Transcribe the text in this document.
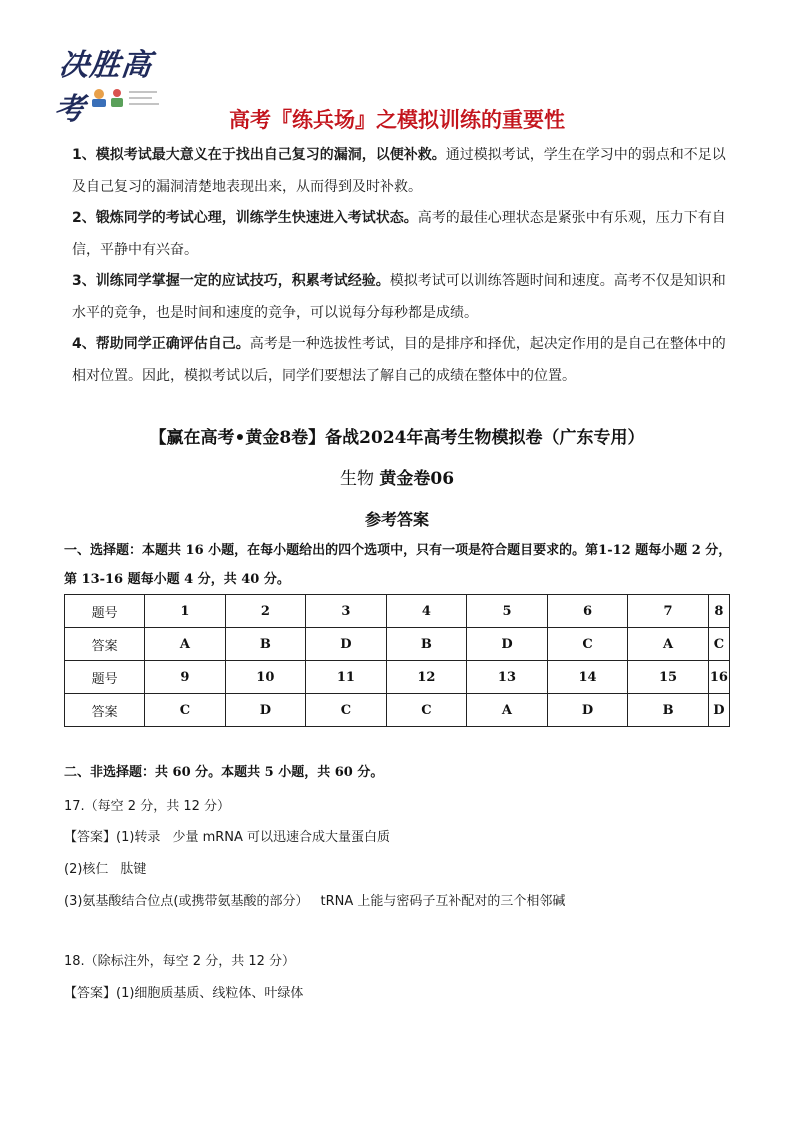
决胜高考	高考『练兵场』之模拟训练的重要性
1、模拟考试最大意义在于找出自己复习的漏洞，以便补救。通过模拟考试，学生在学习中的弱点和不足以及自己复习的漏洞清楚地表现出来，从而得到及时补救。
2、锻炼同学的考试心理，训练学生快速进入考试状态。高考的最佳心理状态是紧张中有乐观，压力下有自信，平静中有兴奋。
3、训练同学掌握一定的应试技巧，积累考试经验。模拟考试可以训练答题时间和速度。高考不仅是知识和水平的竞争，也是时间和速度的竞争，可以说每分每秒都是成绩。
4、帮助同学正确评估自己。高考是一种选拔性考试，目的是排序和择优，起决定作用的是自己在整体中的相对位置。因此，模拟考试以后，同学们要想法了解自己的成绩在整体中的位置。
【赢在高考•黄金8卷】备战2024年高考生物模拟卷（广东专用）
生物 黄金卷06
参考答案
一、选择题：本题共 16 小题，在每小题给出的四个选项中，只有一项是符合题目要求的。第1-12 题每小题 2 分，第 13-16 题每小题 4 分，共 40 分。
题号	1	2	3	4	5	6	7	8
答案	A	B	D	B	D	C	A	C
题号	9	10	11	12	13	14	15	16
答案	C	D	C	C	A	D	B	D
二、非选择题：共 60 分。本题共 5 小题，共 60 分。
17.（每空 2 分，共 12 分）
【答案】(1)转录 少量 mRNA 可以迅速合成大量蛋白质
(2)核仁 肽键
(3)氨基酸结合位点(或携带氨基酸的部分） tRNA 上能与密码子互补配对的三个相邻碱
18.（除标注外，每空 2 分，共 12 分）
【答案】(1)细胞质基质、线粒体、叶绿体
